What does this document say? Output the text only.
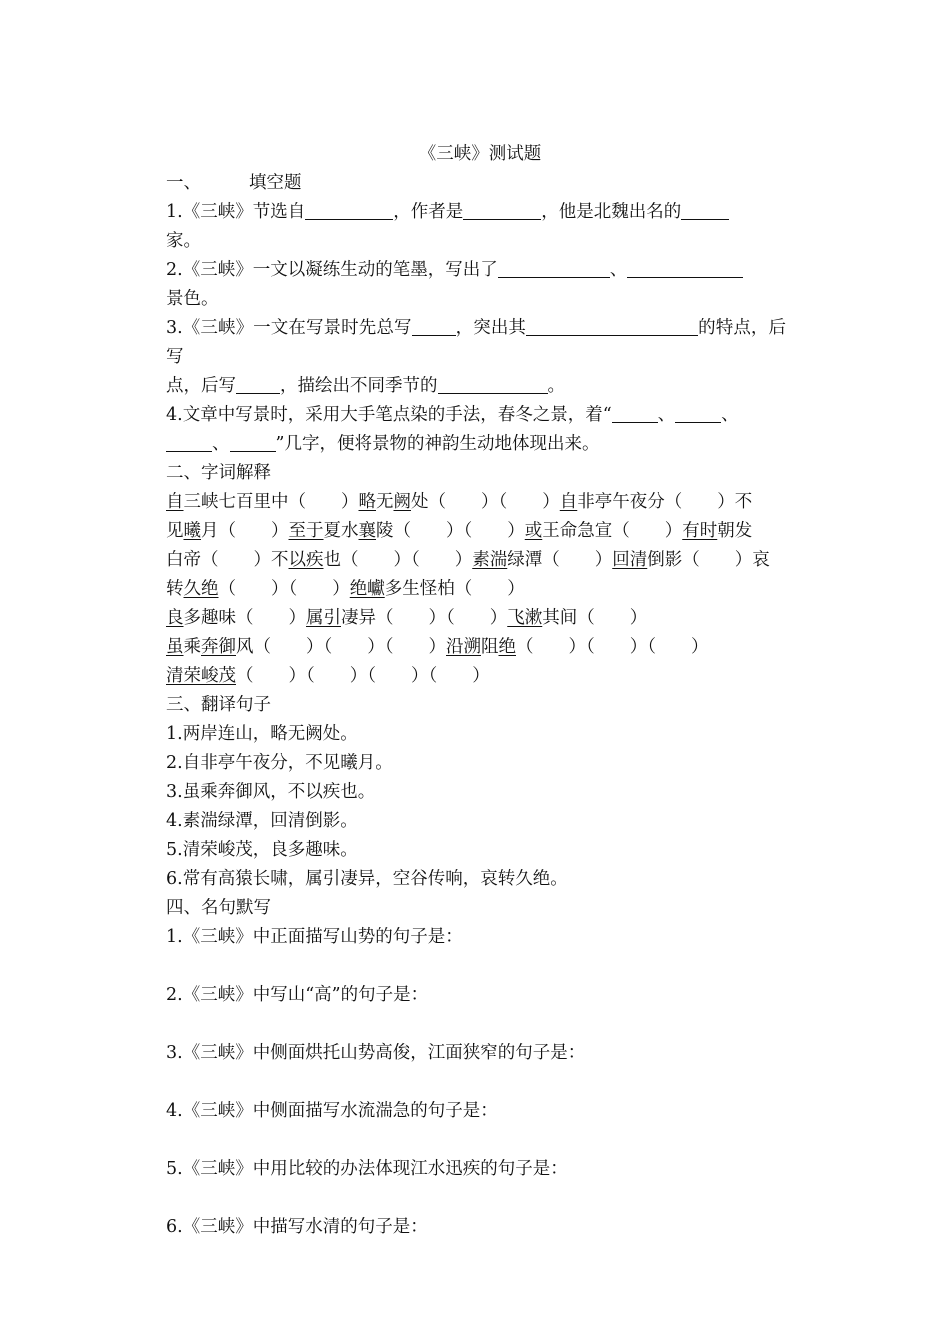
《三峡》测试题
一、	填空题
1.《三峡》节选自	，作者是	，他是北魏出名的
家。
2.《三峡》一文以凝练生动的笔墨，写出了	、
景色。
3.《三峡》一文在写景时先总写	，突出其	的特点，后写
点，后写	，描绘出不同季节的	。
4.文章中写景时，采用大手笔点染的手法，春冬之景，着“	、	、
、	”几字，便将景物的神韵生动地体现出来。
二、字词解释
自三峡七百里中（　　）略无阙处（　　）（　　）自非亭午夜分（　　）不
见曦月（　　）至于夏水襄陵（　　）（　　）或王命急宣（　　）有时朝发
白帝（　　）不以疾也（　　）（　　）素湍绿潭（　　）回清倒影（　　）哀
转久绝（　　）（　　）绝巘多生怪柏（　　）
良多趣味（　　）属引凄异（　　）（　　）飞漱其间（　　）
虽乘奔御风（　　）（　　）（　　）沿溯阻绝（　　）（　　）（　　）
清荣峻茂（　　）（　　）（　　）（　　）
三、翻译句子
1.两岸连山，略无阙处。
2.自非亭午夜分，不见曦月。
3.虽乘奔御风，不以疾也。
4.素湍绿潭，回清倒影。
5.清荣峻茂，良多趣味。
6.常有高猿长啸，属引凄异，空谷传响，哀转久绝。
四、名句默写
1.《三峡》中正面描写山势的句子是：
2.《三峡》中写山“高”的句子是：
3.《三峡》中侧面烘托山势高俊，江面狭窄的句子是：
4.《三峡》中侧面描写水流湍急的句子是：
5.《三峡》中用比较的办法体现江水迅疾的句子是：
6.《三峡》中描写水清的句子是：
